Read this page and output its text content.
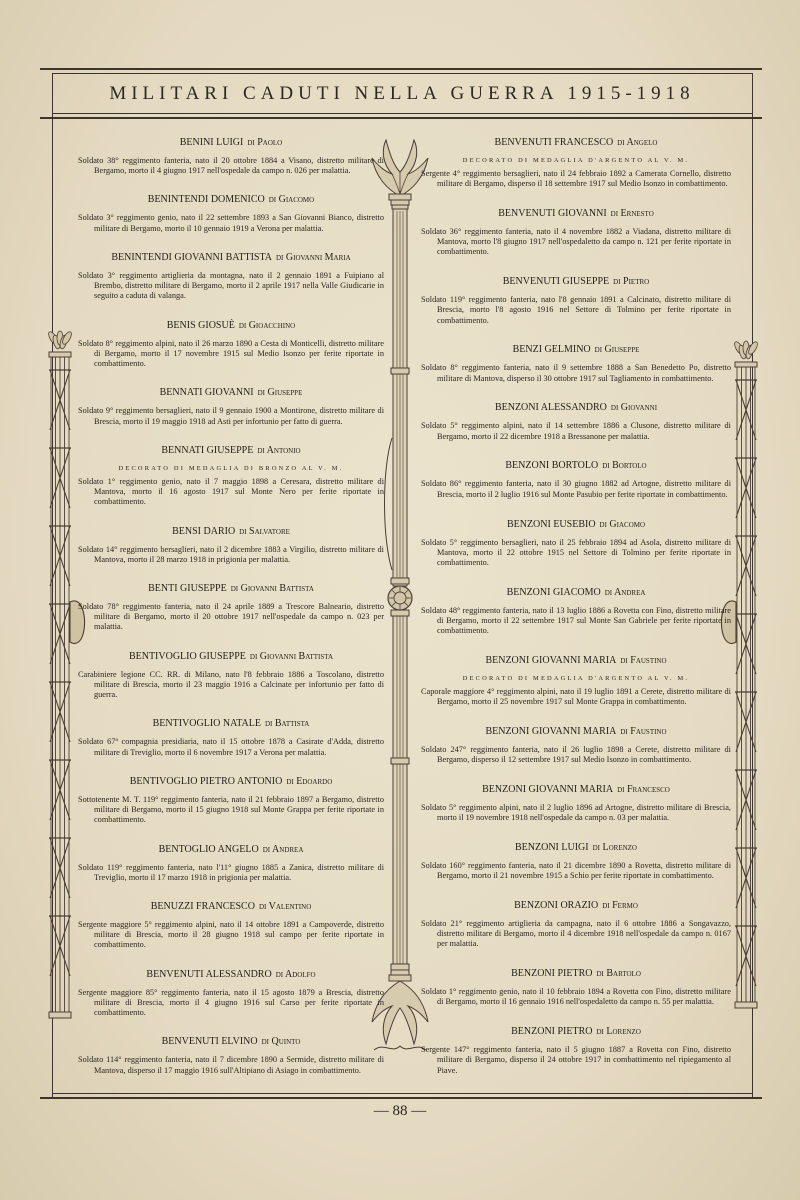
MILITARI CADUTI NELLA GUERRA 1915-1918
BENINI LUIGI di Paolo

Soldato 38° reggimento fanteria, nato il 20 ottobre 1884 a Visano, distretto militare di Bergamo, morto il 4 giugno 1917 nell'ospedale da campo n. 026 per malattia.

BENINTENDI DOMENICO di Giacomo

Soldato 3° reggimento genio, nato il 22 settembre 1893 a San Giovanni Bianco, distretto militare di Bergamo, morto il 10 gennaio 1919 a Verona per malattia.

BENINTENDI GIOVANNI BATTISTA di Giovanni Maria

Soldato 3° reggimento artiglieria da montagna, nato il 2 gennaio 1891 a Fuipiano al Brembo, distretto militare di Bergamo, morto il 2 aprile 1917 nella Valle Giudicarie in seguito a caduta di valanga.

BENIS GIOSUÈ di Gioacchino

Soldato 8° reggimento alpini, nato il 26 marzo 1890 a Cesta di Monticelli, distretto militare di Bergamo, morto il 17 novembre 1915 sul Medio Isonzo per ferite riportate in combattimento.

BENNATI GIOVANNI di Giuseppe

Soldato 9° reggimento bersaglieri, nato il 9 gennaio 1900 a Montirone, distretto militare di Brescia, morto il 19 maggio 1918 ad Asti per infortunio per fatto di guerra.

BENNATI GIUSEPPE di Antonio
DECORATO DI MEDAGLIA DI BRONZO AL V. M.

Soldato 1° reggimento genio, nato il 7 maggio 1898 a Ceresara, distretto militare di Mantova, morto il 16 agosto 1917 sul Monte Nero per ferite riportate in combattimento.

BENSI DARIO di Salvatore

Soldato 14° reggimento bersaglieri, nato il 2 dicembre 1883 a Virgilio, distretto militare di Mantova, morto il 28 marzo 1918 in prigionia per malattia.

BENTI GIUSEPPE di Giovanni Battista

Soldato 78° reggimento fanteria, nato il 24 aprile 1889 a Trescore Balneario, distretto militare di Bergamo, morto il 20 ottobre 1917 nell'ospedale da campo n. 023 per malattia.

BENTIVOGLIO GIUSEPPE di Giovanni Battista

Carabiniere legione CC. RR. di Milano, nato l'8 febbraio 1886 a Toscolano, distretto militare di Brescia, morto il 23 maggio 1916 a Calcinate per infortunio per fatto di guerra.

BENTIVOGLIO NATALE di Battista

Soldato 67ª compagnia presidiaria, nato il 15 ottobre 1878 a Casirate d'Adda, distretto militare di Treviglio, morto il 6 novembre 1917 a Verona per malattia.

BENTIVOGLIO PIETRO ANTONIO di Edoardo

Sottotenente M. T. 119° reggimento fanteria, nato il 21 febbraio 1897 a Bergamo, distretto militare di Bergamo, morto il 15 giugno 1918 sul Monte Grappa per ferite riportate in combattimento.

BENTOGLIO ANGELO di Andrea

Soldato 119° reggimento fanteria, nato l'11° giugno 1885 a Zanica, distretto militare di Treviglio, morto il 17 marzo 1918 in prigionia per malattia.

BENUZZI FRANCESCO di Valentino

Sergente maggiore 5° reggimento alpini, nato il 14 ottobre 1891 a Campoverde, distretto militare di Brescia, morto il 28 giugno 1918 sul campo per ferite riportate in combattimento.

BENVENUTI ALESSANDRO di Adolfo

Sergente maggiore 85° reggimento fanteria, nato il 15 agosto 1879 a Brescia, distretto militare di Brescia, morto il 4 giugno 1916 sul Carso per ferite riportate in combattimento.

BENVENUTI ELVINO di Quinto

Soldato 114° reggimento fanteria, nato il 7 dicembre 1890 a Sermide, distretto militare di Mantova, disperso il 17 maggio 1916 sull'Altipiano di Asiago in combattimento.

BENVENUTI FRANCESCO di Angelo
DECORATO DI MEDAGLIA D'ARGENTO AL V. M.

Sergente 4° reggimento bersaglieri, nato il 24 febbraio 1892 a Camerata Cornello, distretto militare di Bergamo, disperso il 18 settembre 1917 sul Medio Isonzo in combattimento.

BENVENUTI GIOVANNI di Ernesto

Soldato 36° reggimento fanteria, nato il 4 novembre 1882 a Viadana, distretto militare di Mantova, morto l'8 giugno 1917 nell'ospedaletto da campo n. 121 per ferite riportate in combattimento.

BENVENUTI GIUSEPPE di Pietro

Soldato 119° reggimento fanteria, nato l'8 gennaio 1891 a Calcinato, distretto militare di Brescia, morto l'8 agosto 1916 nel Settore di Tolmino per ferite riportate in combattimento.

BENZI GELMINO di Giuseppe

Soldato 8° reggimento fanteria, nato il 9 settembre 1888 a San Benedetto Po, distretto militare di Mantova, disperso il 30 ottobre 1917 sul Tagliamento in combattimento.

BENZONI ALESSANDRO di Giovanni

Soldato 5° reggimento alpini, nato il 14 settembre 1886 a Clusone, distretto militare di Bergamo, morto il 22 dicembre 1918 a Bressanone per malattia.

BENZONI BORTOLO di Bortolo

Soldato 86° reggimento fanteria, nato il 30 giugno 1882 ad Artogne, distretto militare di Brescia, morto il 2 luglio 1916 sul Monte Pasubio per ferite riportate in combattimento.

BENZONI EUSEBIO di Giacomo

Soldato 5° reggimento bersaglieri, nato il 25 febbraio 1894 ad Asola, distretto militare di Mantova, morto il 22 ottobre 1915 nel Settore di Tolmino per ferite riportate in combattimento.

BENZONI GIACOMO di Andrea

Soldato 48° reggimento fanteria, nato il 13 luglio 1886 a Rovetta con Fino, distretto militare di Bergamo, morto il 22 settembre 1917 sul Monte San Gabriele per ferite riportate in combattimento.

BENZONI GIOVANNI MARIA di Faustino
DECORATO DI MEDAGLIA D'ARGENTO AL V. M.

Caporale maggiore 4° reggimento alpini, nato il 19 luglio 1891 a Cerete, distretto militare di Bergamo, morto il 25 novembre 1917 sul Monte Grappa in combattimento.

BENZONI GIOVANNI MARIA di Faustino

Soldato 247° reggimento fanteria, nato il 26 luglio 1898 a Cerete, distretto militare di Bergamo, disperso il 12 settembre 1917 sul Medio Isonzo in combattimento.

BENZONI GIOVANNI MARIA di Francesco

Soldato 5° reggimento alpini, nato il 2 luglio 1896 ad Artogne, distretto militare di Brescia, morto il 19 novembre 1918 nell'ospedale da campo n. 03 per malattia.

BENZONI LUIGI di Lorenzo

Soldato 160° reggimento fanteria, nato il 21 dicembre 1890 a Rovetta, distretto militare di Bergamo, morto il 21 novembre 1915 a Schio per ferite riportate in combattimento.

BENZONI ORAZIO di Fermo

Soldato 21° reggimento artiglieria da campagna, nato il 6 ottobre 1886 a Songavazzo, distretto militare di Bergamo, morto il 4 dicembre 1918 nell'ospedale da campo n. 0167 per malattia.

BENZONI PIETRO di Bartolo

Soldato 1° reggimento genio, nato il 10 febbraio 1894 a Rovetta con Fino, distretto militare di Bergamo, morto il 16 gennaio 1916 nell'ospedaletto da campo n. 55 per malattia.

BENZONI PIETRO di Lorenzo

Sergente 147° reggimento fanteria, nato il 5 giugno 1887 a Rovetta con Fino, distretto militare di Bergamo, disperso il 24 ottobre 1917 in combattimento nel ripiegamento al Piave.

— 88 —
